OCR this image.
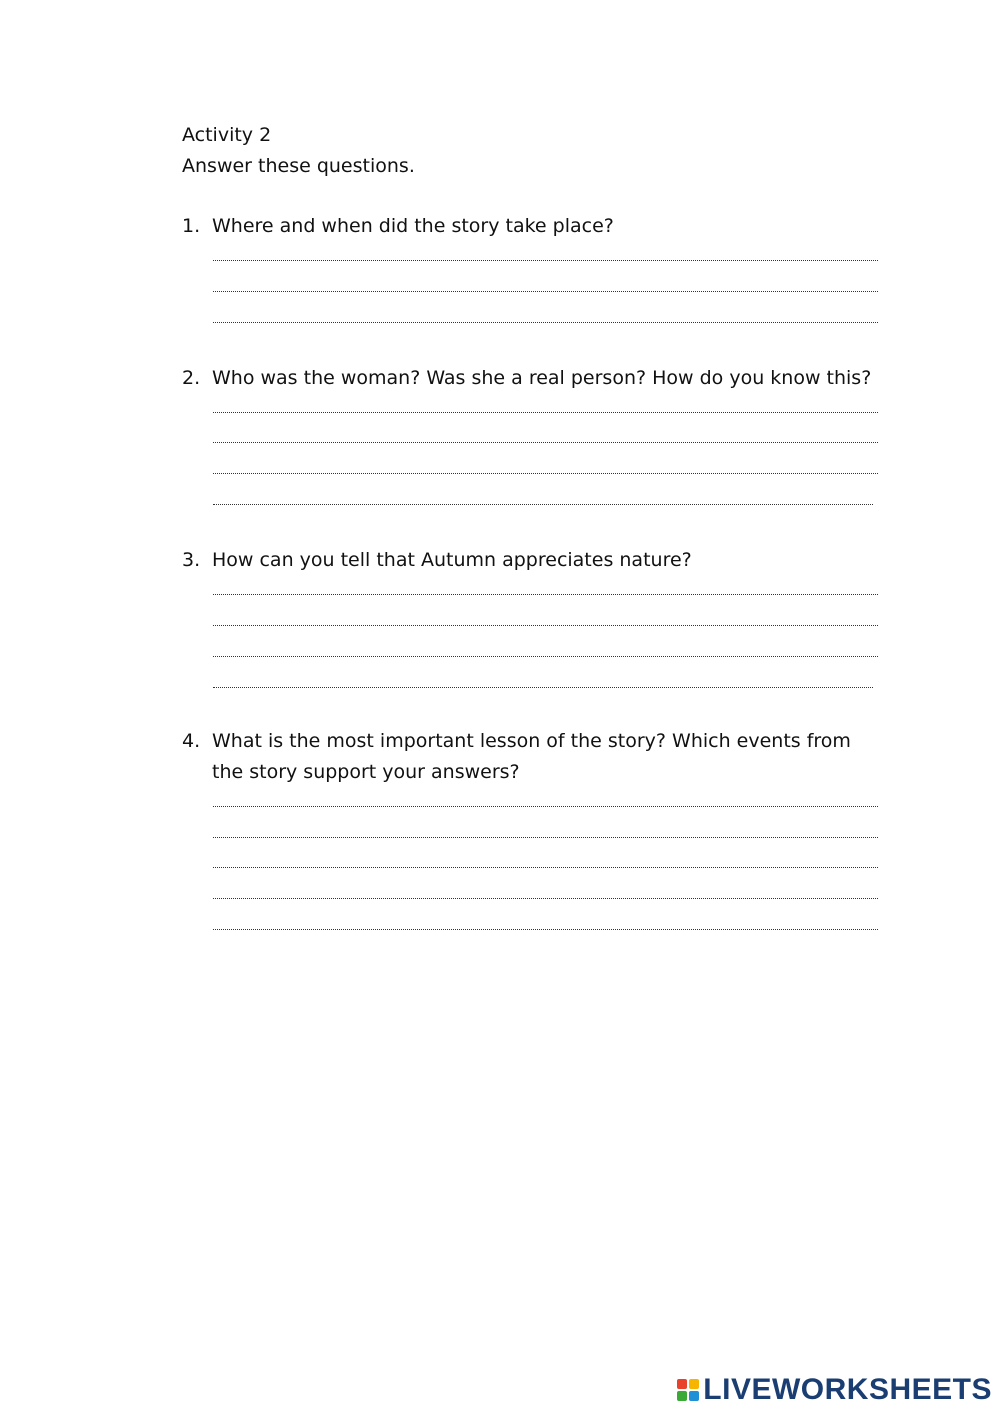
Activity 2
Answer these questions.
1. Where and when did the story take place?
2. Who was the woman? Was she a real person? How do you know this?
3. How can you tell that Autumn appreciates nature?
4. What is the most important lesson of the story? Which events from the story support your answers?
LIVEWORKSHEETS
